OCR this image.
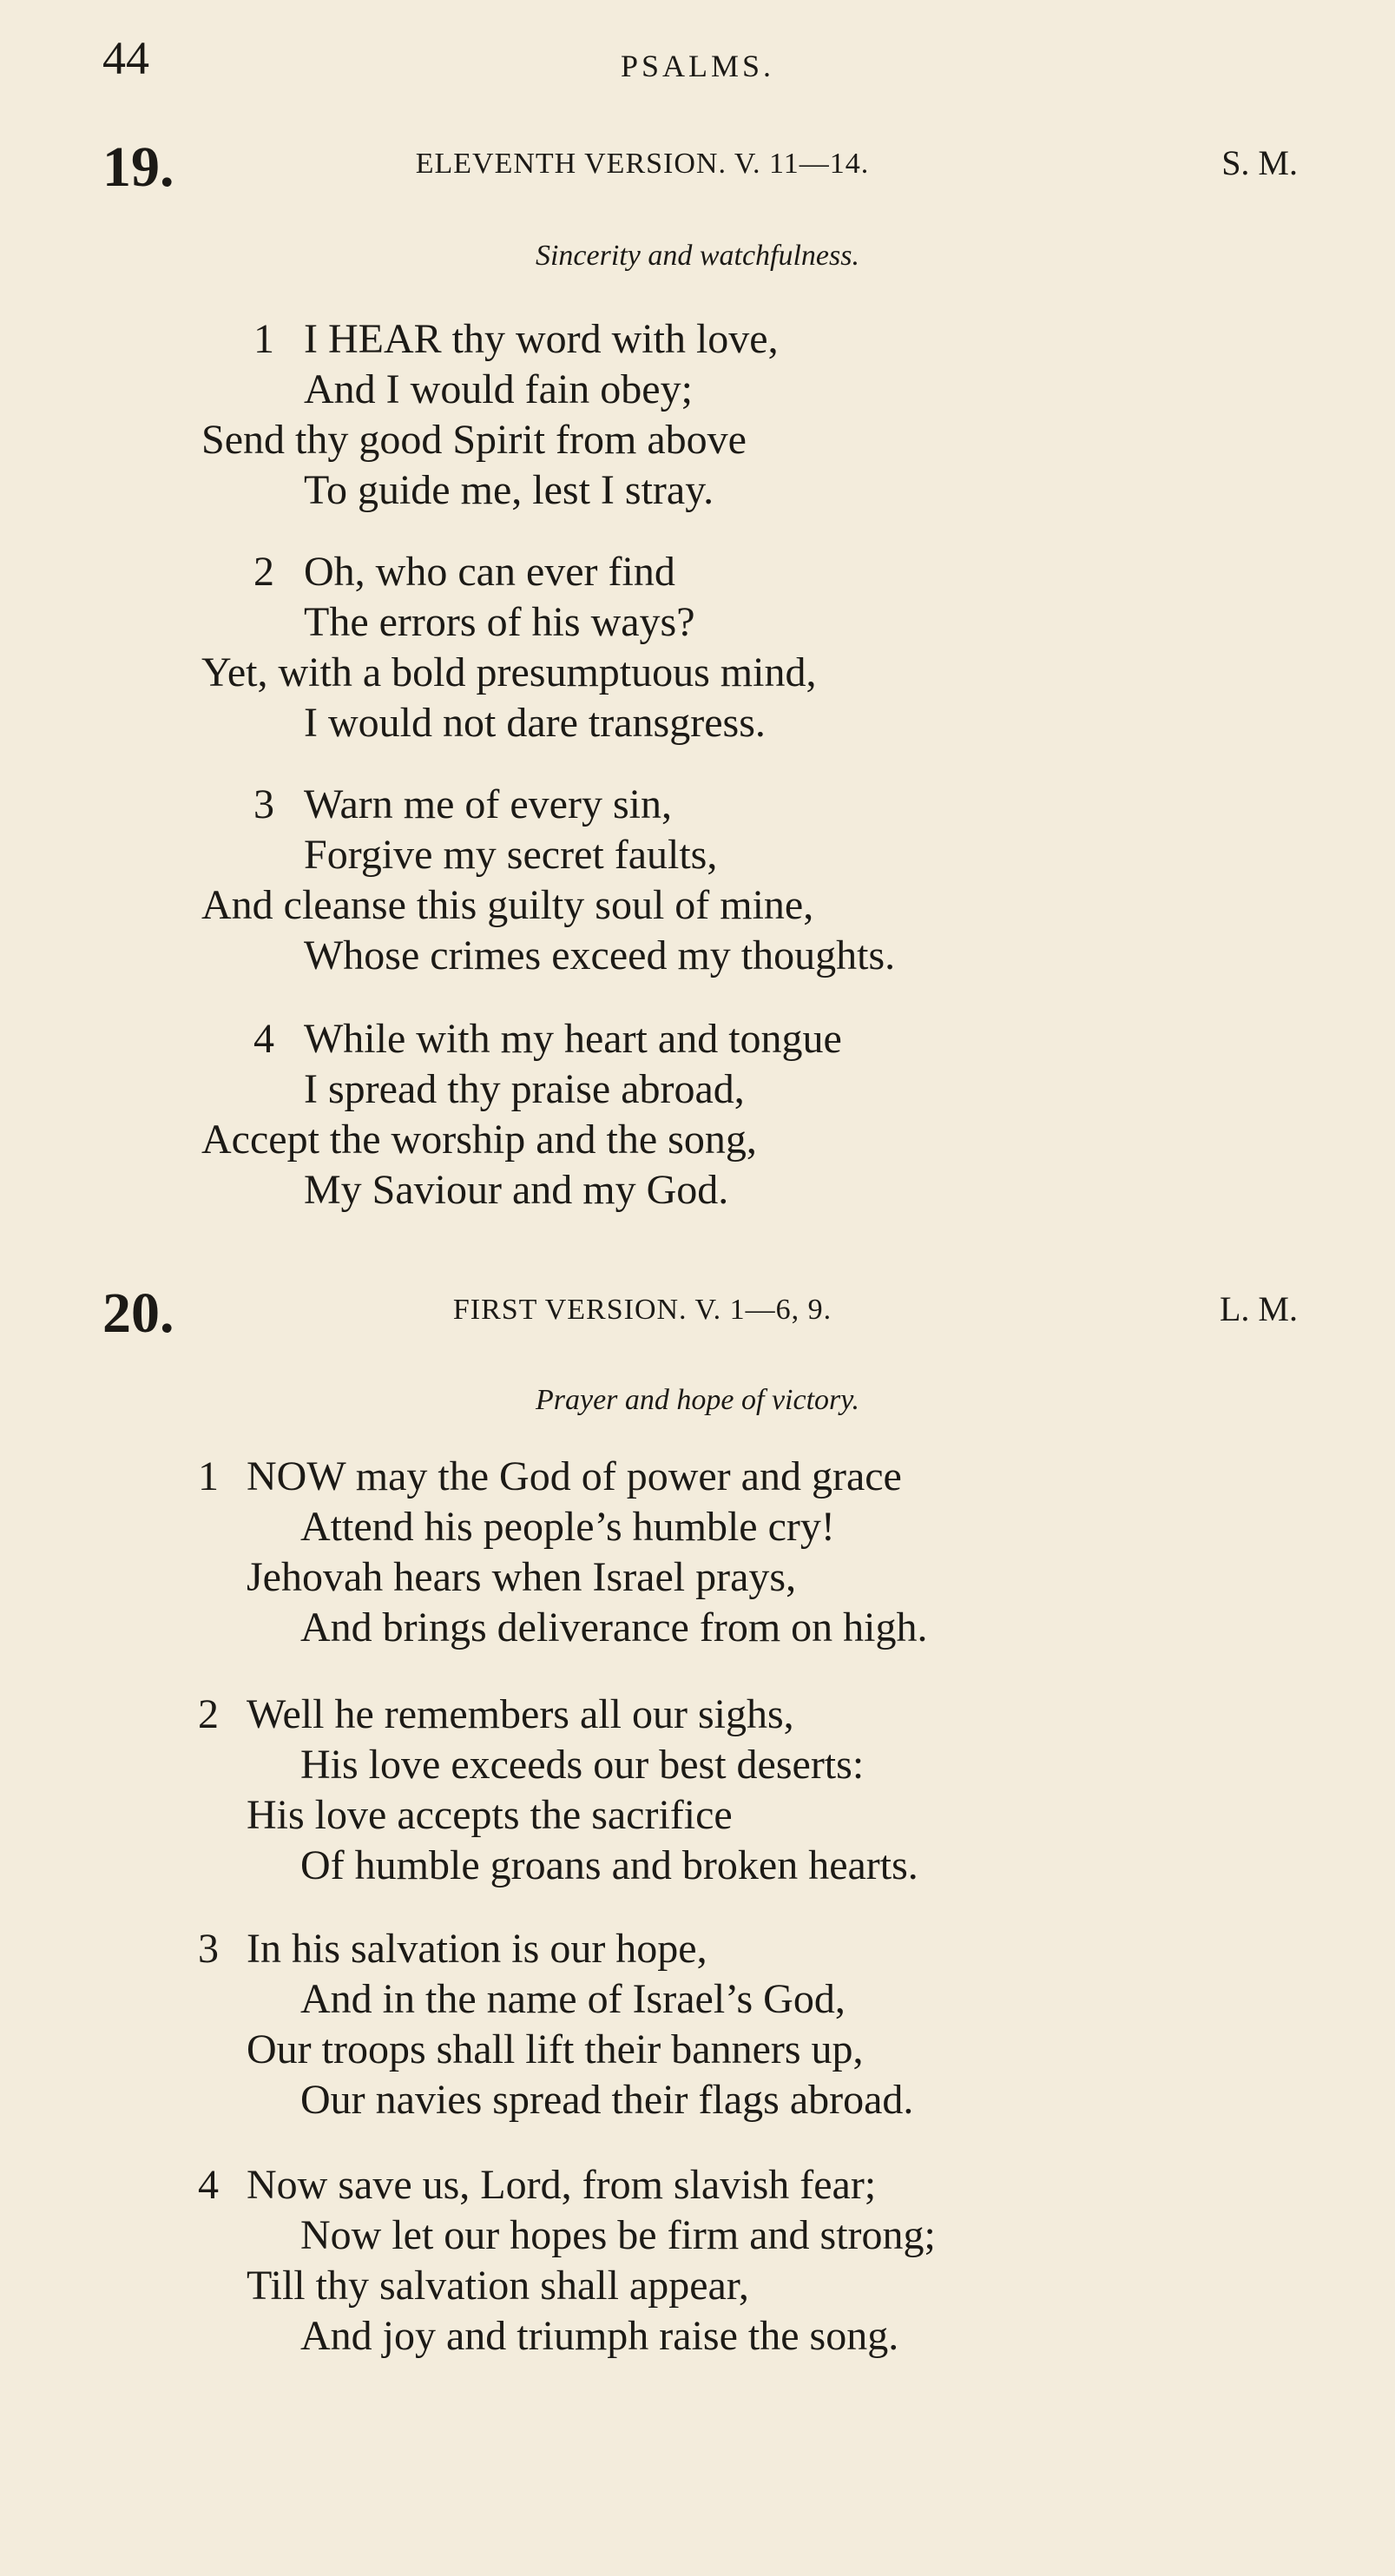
44	PSALMS.
19.	ELEVENTH VERSION. V. 11—14.	S. M.
Sincerity and watchfulness.
1 I HEAR thy word with love,
And I would fain obey;
Send thy good Spirit from above
To guide me, lest I stray.
2 Oh, who can ever find
The errors of his ways?
Yet, with a bold presumptuous mind,
I would not dare transgress.
3 Warn me of every sin,
Forgive my secret faults,
And cleanse this guilty soul of mine,
Whose crimes exceed my thoughts.
4 While with my heart and tongue
I spread thy praise abroad,
Accept the worship and the song,
My Saviour and my God.
20.	FIRST VERSION. V. 1—6, 9.	L. M.
Prayer and hope of victory.
1 NOW may the God of power and grace
Attend his people’s humble cry!
Jehovah hears when Israel prays,
And brings deliverance from on high.
2 Well he remembers all our sighs,
His love exceeds our best deserts:
His love accepts the sacrifice
Of humble groans and broken hearts.
3 In his salvation is our hope,
And in the name of Israel’s God,
Our troops shall lift their banners up,
Our navies spread their flags abroad.
4 Now save us, Lord, from slavish fear;
Now let our hopes be firm and strong;
Till thy salvation shall appear,
And joy and triumph raise the song.
